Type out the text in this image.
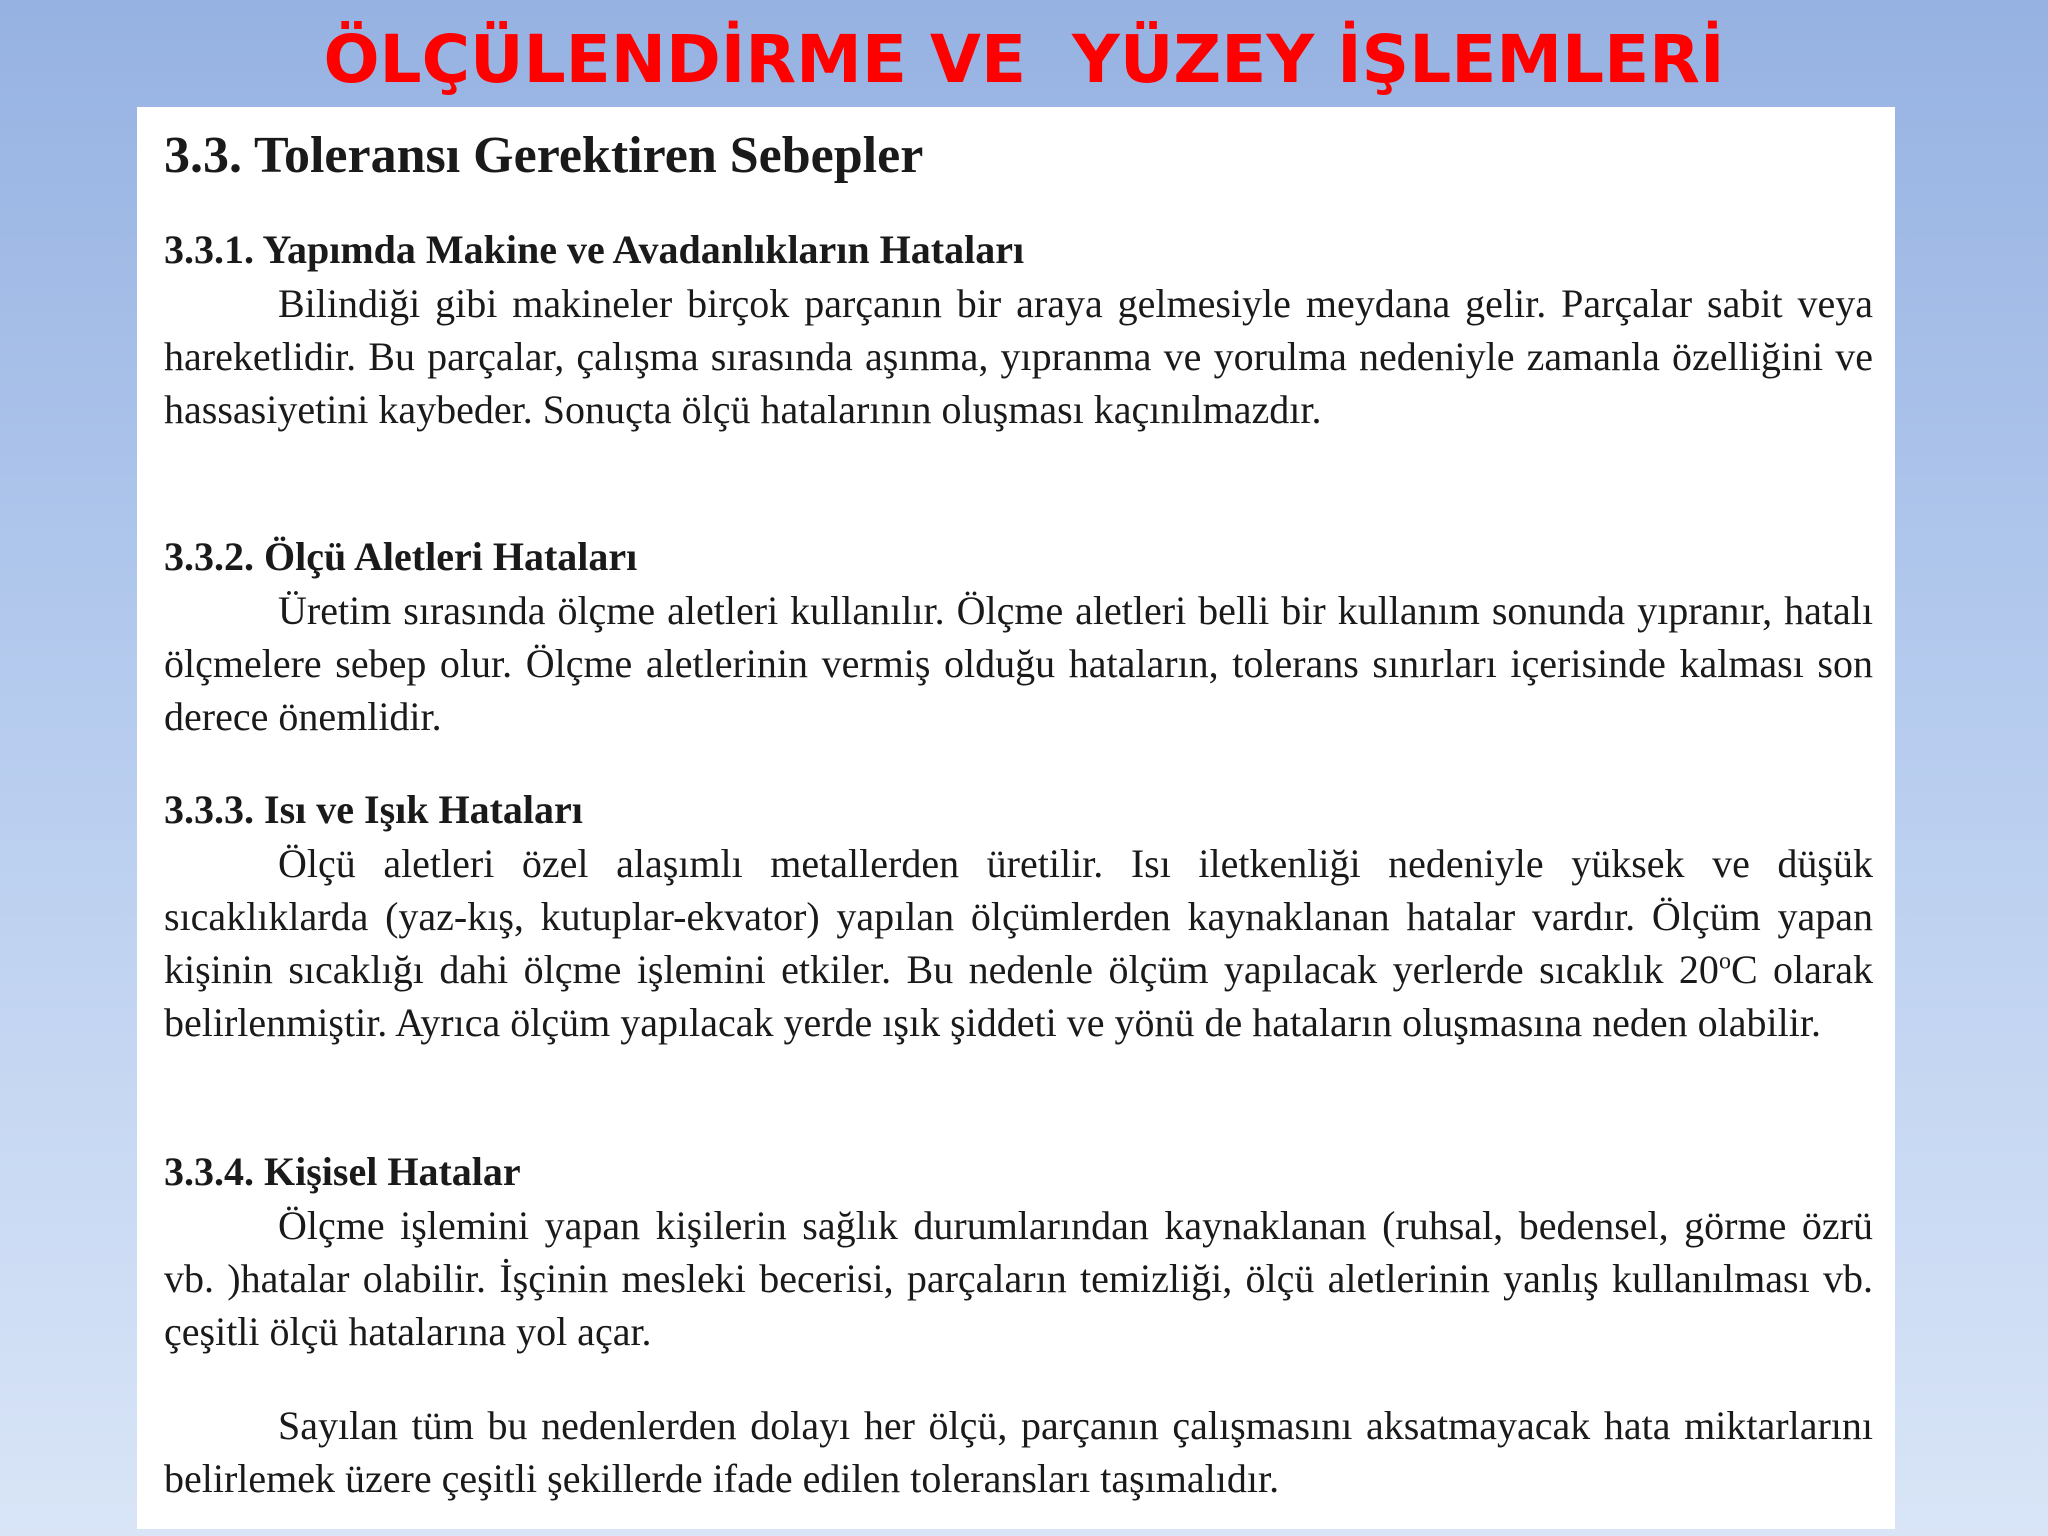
ÖLÇÜLENDİRME VE  YÜZEY İŞLEMLERİ
3.3. Toleransı Gerektiren Sebepler
3.3.1. Yapımda Makine ve Avadanlıkların Hataları

Bilindiği gibi makineler birçok parçanın bir araya gelmesiyle meydana gelir. Parçalar sabit veya hareketlidir. Bu parçalar, çalışma sırasında aşınma, yıpranma ve yorulma nedeniyle zamanla özelliğini ve hassasiyetini kaybeder. Sonuçta ölçü hatalarının oluşması kaçınılmazdır.

3.3.2. Ölçü Aletleri Hataları

Üretim sırasında ölçme aletleri kullanılır. Ölçme aletleri belli bir kullanım sonunda yıpranır, hatalı ölçmelere sebep olur. Ölçme aletlerinin vermiş olduğu hataların, tolerans sınırları içerisinde kalması son derece önemlidir.

3.3.3. Isı ve Işık Hataları

Ölçü aletleri özel alaşımlı metallerden üretilir. Isı iletkenliği nedeniyle yüksek ve düşük sıcaklıklarda (yaz-kış, kutuplar-ekvator) yapılan ölçümlerden kaynaklanan hatalar vardır. Ölçüm yapan kişinin sıcaklığı dahi ölçme işlemini etkiler. Bu nedenle ölçüm yapılacak yerlerde sıcaklık 20$^o$C olarak belirlenmiştir. Ayrıca ölçüm yapılacak yerde ışık şiddeti ve yönü de hataların oluşmasına neden olabilir.

3.3.4. Kişisel Hatalar

Ölçme işlemini yapan kişilerin sağlık durumlarından kaynaklanan (ruhsal, bedensel, görme özrü vb. )hatalar olabilir. İşçinin mesleki becerisi, parçaların temizliği, ölçü aletlerinin yanlış kullanılması vb. çeşitli ölçü hatalarına yol açar.

Sayılan tüm bu nedenlerden dolayı her ölçü, parçanın çalışmasını aksatmayacak hata miktarlarını belirlemek üzere çeşitli şekillerde ifade edilen toleransları taşımalıdır.
